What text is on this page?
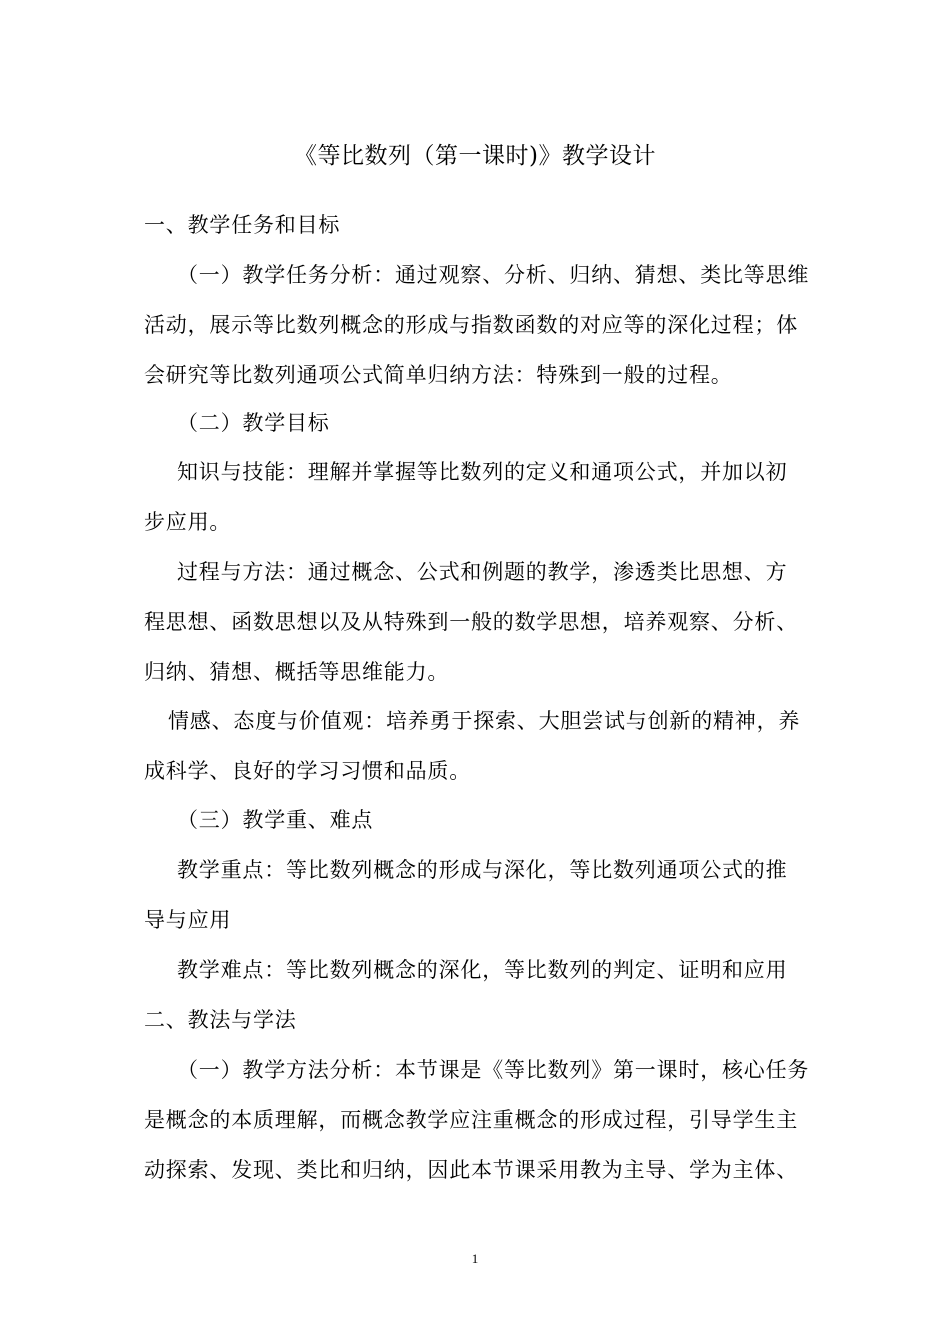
《等比数列（第一课时)》教学设计

一、教学任务和目标

（一）教学任务分析：通过观察、分析、归纳、猜想、类比等思维
活动，展示等比数列概念的形成与指数函数的对应等的深化过程；体
会研究等比数列通项公式简单归纳方法：特殊到一般的过程。

（二）教学目标

知识与技能：理解并掌握等比数列的定义和通项公式，并加以初
步应用。

过程与方法：通过概念、公式和例题的教学，渗透类比思想、方
程思想、函数思想以及从特殊到一般的数学思想，培养观察、分析、
归纳、猜想、概括等思维能力。

情感、态度与价值观：培养勇于探索、大胆尝试与创新的精神，养
成科学、良好的学习习惯和品质。

（三）教学重、难点

教学重点：等比数列概念的形成与深化，等比数列通项公式的推
导与应用

教学难点：等比数列概念的深化，等比数列的判定、证明和应用

二、教法与学法

（一）教学方法分析：本节课是《等比数列》第一课时，核心任务
是概念的本质理解，而概念教学应注重概念的形成过程，引导学生主
动探索、发现、类比和归纳，因此本节课采用教为主导、学为主体、

1
